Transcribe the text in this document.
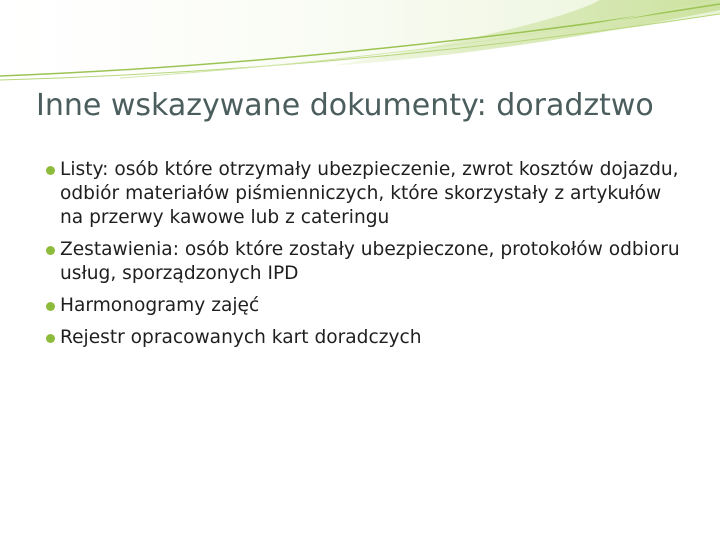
Inne wskazywane dokumenty: doradztwo
Listy: osób które otrzymały ubezpieczenie, zwrot kosztów dojazdu, odbiór materiałów piśmienniczych, które skorzystały z artykułów na przerwy kawowe lub z cateringu
Zestawienia: osób które zostały ubezpieczone, protokołów odbioru usług, sporządzonych IPD
Harmonogramy zajęć
Rejestr opracowanych kart doradczych
